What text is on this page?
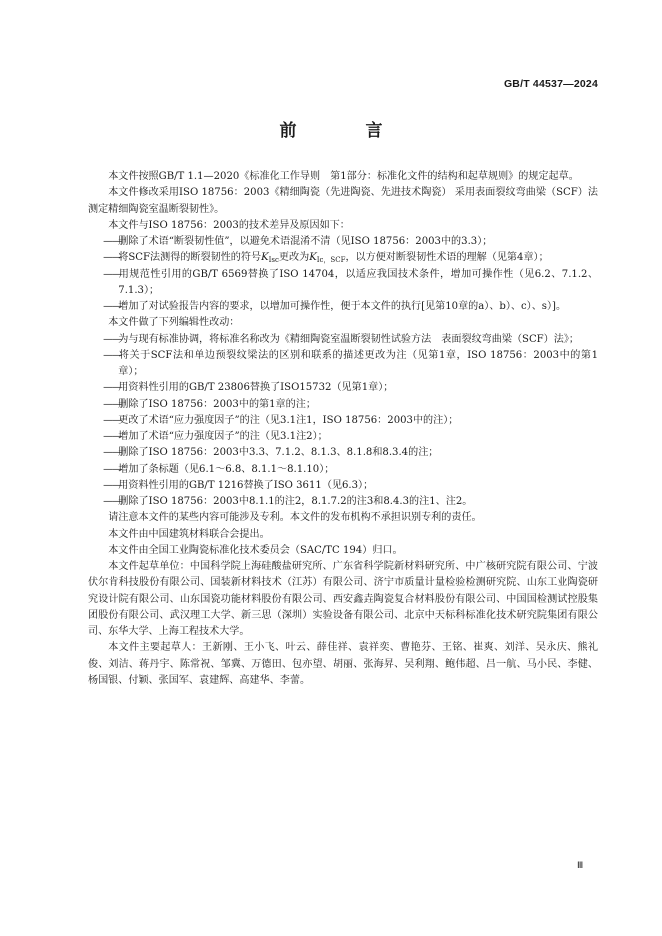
GB/T 44537—2024
前　言

本文件按照GB/T 1.1—2020《标准化工作导则　第1部分：标准化文件的结构和起草规则》的规定起草。

本文件修改采用ISO 18756：2003《精细陶瓷（先进陶瓷、先进技术陶瓷） 采用表面裂纹弯曲梁（SCF）法测定精细陶瓷室温断裂韧性》。

本文件与ISO 18756：2003的技术差异及原因如下：

——删除了术语“断裂韧性值”，以避免术语混淆不清（见ISO 18756：2003中的3.3）；

——将SCF法测得的断裂韧性的符号$K_{Isc}$更改为$K_{Ic,SCF}$，以方便对断裂韧性术语的理解（见第4章）；

——用规范性引用的GB/T 6569替换了ISO 14704，以适应我国技术条件，增加可操作性（见6.2、7.1.2、7.1.3）；

——增加了对试验报告内容的要求，以增加可操作性，便于本文件的执行[见第10章的a）、b）、c）、s）]。

本文件做了下列编辑性改动：

——为与现有标准协调，将标准名称改为《精细陶瓷室温断裂韧性试验方法　表面裂纹弯曲梁（SCF）法》；

——将关于SCF法和单边预裂纹梁法的区别和联系的描述更改为注（见第1章，ISO 18756：2003中的第1章）；

——用资料性引用的GB/T 23806替换了ISO15732（见第1章）；

——删除了ISO 18756：2003中的第1章的注；

——更改了术语“应力强度因子”的注（见3.1注1，ISO 18756：2003中的注）；

——增加了术语“应力强度因子”的注（见3.1注2）；

——删除了ISO 18756：2003中3.3、7.1.2、8.1.3、8.1.8和8.3.4的注；

——增加了条标题（见6.1～6.8、8.1.1～8.1.10）；

——用资料性引用的GB/T 1216替换了ISO 3611（见6.3）；

——删除了ISO 18756：2003中8.1.1的注2，8.1.7.2的注3和8.4.3的注1、注2。

请注意本文件的某些内容可能涉及专利。本文件的发布机构不承担识别专利的责任。

本文件由中国建筑材料联合会提出。

本文件由全国工业陶瓷标准化技术委员会（SAC/TC 194）归口。

本文件起草单位：中国科学院上海硅酸盐研究所、广东省科学院新材料研究所、中广核研究院有限公司、宁波伏尔肯科技股份有限公司、国装新材料技术（江苏）有限公司、济宁市质量计量检验检测研究院、山东工业陶瓷研究设计院有限公司、山东国瓷功能材料股份有限公司、西安鑫垚陶瓷复合材料股份有限公司、中国国检测试控股集团股份有限公司、武汉理工大学、新三思（深圳）实验设备有限公司、北京中天标科标准化技术研究院集团有限公司、东华大学、上海工程技术大学。

本文件主要起草人：王新刚、王小飞、叶云、薛佳祥、袁祥奕、曹艳芬、王铭、崔爽、刘洋、吴永庆、熊礼俊、刘洁、蒋丹宇、陈常祝、邹冀、万德田、包亦望、胡丽、张海昇、吴利翔、鲍伟超、吕一航、马小民、李健、杨国银、付颖、张国军、袁建辉、高建华、李蕾。

Ⅲ
